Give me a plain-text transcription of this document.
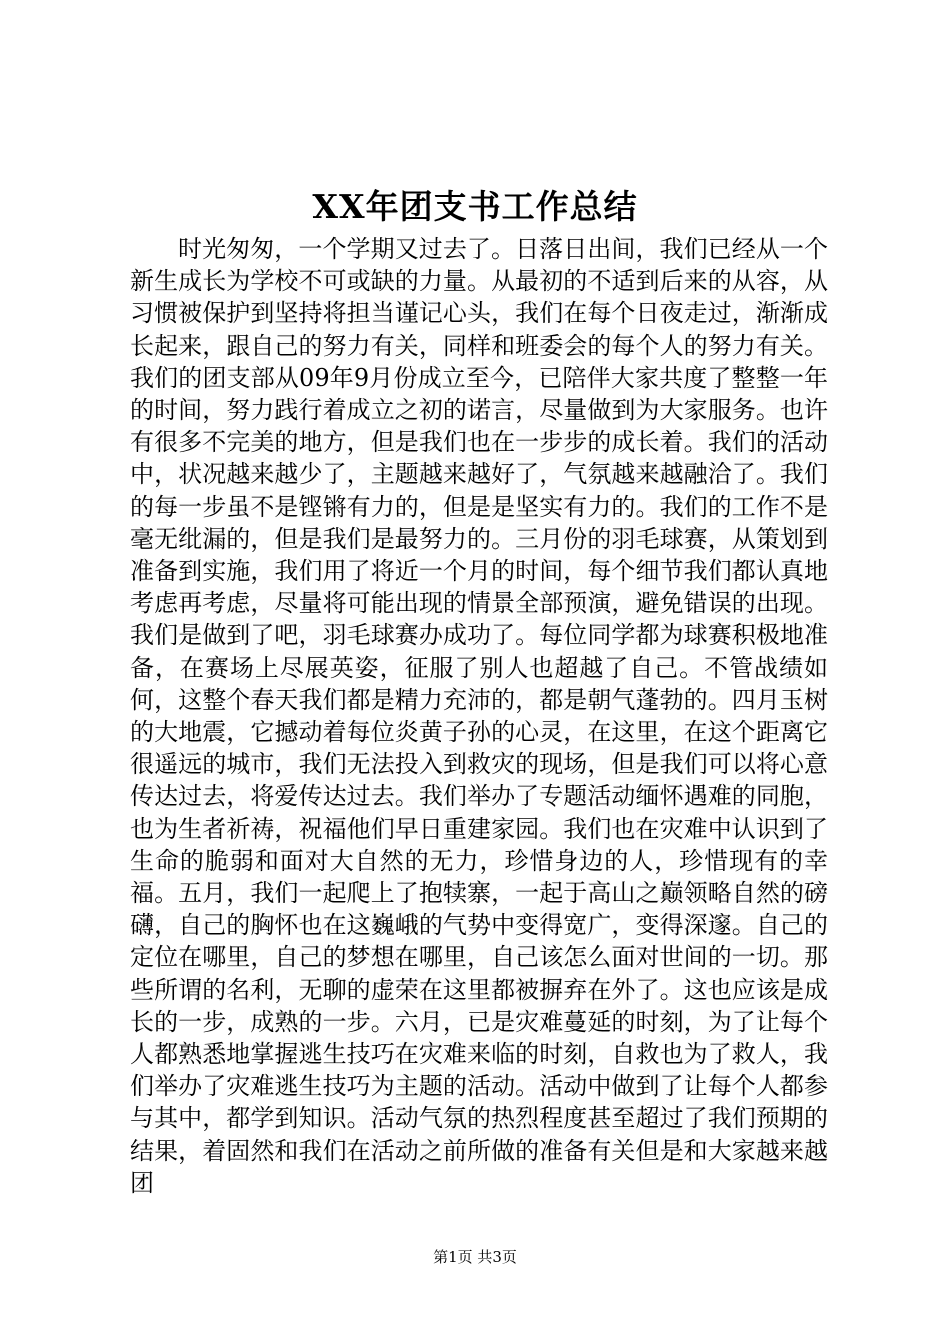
XX年团支书工作总结

时光匆匆，一个学期又过去了。日落日出间，我们已经从一个新生成长为学校不可或缺的力量。从最初的不适到后来的从容，从习惯被保护到坚持将担当谨记心头，我们在每个日夜走过，渐渐成长起来，跟自己的努力有关，同样和班委会的每个人的努力有关。我们的团支部从09年9月份成立至今，已陪伴大家共度了整整一年的时间，努力践行着成立之初的诺言，尽量做到为大家服务。也许有很多不完美的地方，但是我们也在一步步的成长着。我们的活动中，状况越来越少了，主题越来越好了，气氛越来越融洽了。我们的每一步虽不是铿锵有力的，但是是坚实有力的。我们的工作不是毫无纰漏的，但是我们是最努力的。三月份的羽毛球赛，从策划到准备到实施，我们用了将近一个月的时间，每个细节我们都认真地考虑再考虑，尽量将可能出现的情景全部预演，避免错误的出现。我们是做到了吧，羽毛球赛办成功了。每位同学都为球赛积极地准备，在赛场上尽展英姿，征服了别人也超越了自己。不管战绩如何，这整个春天我们都是精力充沛的，都是朝气蓬勃的。四月玉树的大地震，它撼动着每位炎黄子孙的心灵，在这里，在这个距离它很遥远的城市，我们无法投入到救灾的现场，但是我们可以将心意传达过去，将爱传达过去。我们举办了专题活动缅怀遇难的同胞，也为生者祈祷，祝福他们早日重建家园。我们也在灾难中认识到了生命的脆弱和面对大自然的无力，珍惜身边的人，珍惜现有的幸福。五月，我们一起爬上了抱犊寨，一起于高山之巅领略自然的磅礴，自己的胸怀也在这巍峨的气势中变得宽广，变得深邃。自己的定位在哪里，自己的梦想在哪里，自己该怎么面对世间的一切。那些所谓的名利，无聊的虚荣在这里都被摒弃在外了。这也应该是成长的一步，成熟的一步。六月，已是灾难蔓延的时刻，为了让每个人都熟悉地掌握逃生技巧在灾难来临的时刻，自救也为了救人，我们举办了灾难逃生技巧为主题的活动。活动中做到了让每个人都参与其中，都学到知识。活动气氛的热烈程度甚至超过了我们预期的结果，着固然和我们在活动之前所做的准备有关但是和大家越来越团

第1页 共3页
